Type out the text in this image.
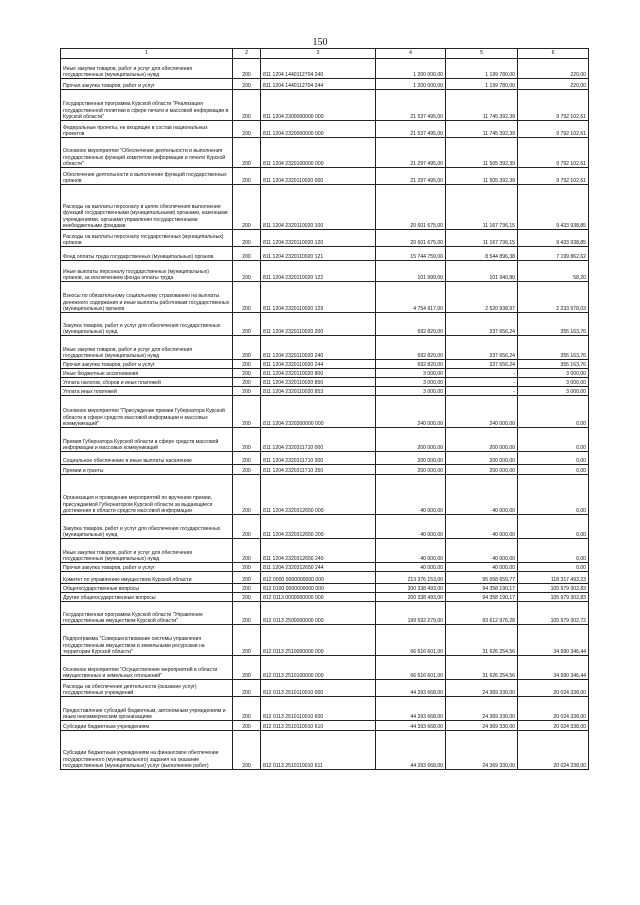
150
1	2	3	4	5	6
Иные закупки товаров, работ и услуг для обеспечения государственных (муниципальных) нужд	200	811 1204 1440112704 240	1 200 000,00	1 199 780,00	220,00
Прочая закупка товаров, работ и услуг	200	811 1204 1440112704 244	1 200 000,00	1 199 780,00	220,00
Государственная программа Курской области "Реализация государственной политики в сфере печати и массовой информации в Курской области"	200	811 1204 2300000000 000	21 537 495,00	11 745 392,39	9 792 102,61
Федеральные проекты, не входящие в состав национальных проектов	200	811 1204 2320000000 000	21 537 495,00	11 745 392,39	9 792 102,61
Основное мероприятие "Обеспечение деятельности и выполнения государственных функций комитетом информации и печати Курской области"	200	811 1204 2320100000 000	21 297 495,00	11 505 392,39	9 792 102,61
Обеспечение деятельности и выполнение функций государственных органов	200	811 1204 2320110020 000	21 297 495,00	11 505 392,39	9 792 102,61
Расходы на выплаты персоналу в целях обеспечения выполнения функций государственными (муниципальными) органами, казенными учреждениями, органами управления государственными внебюджетными фондами	200	811 1204 2320110020 100	20 601 675,00	11 167 736,15	9 433 938,85
Расходы на выплаты персоналу государственных (муниципальных) органов	200	811 1204 2320110020 120	20 601 675,00	11 167 736,15	9 433 938,85
Фонд оплаты труда государственных (муниципальных) органов	200	811 1204 2320110020 121	15 744 759,00	8 544 896,38	7 199 862,62
Иные выплаты персоналу государственных (муниципальных) органов, за исключением фонда оплаты труда	200	811 1204 2320110020 122	101 999,00	101 940,80	58,20
Взносы по обязательному социальному страхованию на выплаты денежного содержания и иные выплаты работникам государственных (муниципальных) органов	200	811 1204 2320110020 129	4 754 917,00	2 520 938,97	2 233 978,03
Закупка товаров, работ и услуг для обеспечения государственных (муниципальных) нужд	200	811 1204 2320110020 200	692 820,00	337 656,24	355 163,76
Иные закупки товаров, работ и услуг для обеспечения государственных (муниципальных) нужд	200	811 1204 2320110020 240	692 820,00	337 656,24	355 163,76
Прочая закупка товаров, работ и услуг	200	811 1204 2320110020 244	692 820,00	337 656,24	355 163,76
Иные бюджетные ассигнования	200	811 1204 2320110020 800	3 000,00	-	3 000,00
Уплата налогов, сборов и иных платежей	200	811 1204 2320110020 850	3 000,00	-	3 000,00
Уплата иных платежей	200	811 1204 2320110020 853	3 000,00	-	3 000,00
Основное мероприятие "Присуждение премии Губернатора Курской области в сфере средств массовой информации и массовых коммуникаций"	200	811 1204 2320300000 000	240 000,00	240 000,00	0,00
Премия Губернатора Курской области в сфере средств массовой информации и массовых коммуникаций	200	811 1204 2320311710 000	200 000,00	200 000,00	0,00
Социальное обеспечение и иные выплаты населению	200	811 1204 2320311710 300	200 000,00	200 000,00	0,00
Премии и гранты	200	811 1204 2320311710 350	200 000,00	200 000,00	0,00
Организация и проведение мероприятий по вручению премии, присуждаемой Губернатором Курской области за выдающиеся достижения в области средств массовой информации	200	811 1204 2320312650 000	40 000,00	40 000,00	0,00
Закупка товаров, работ и услуг для обеспечения государственных (муниципальных) нужд	200	811 1204 2320312650 200	40 000,00	40 000,00	0,00
Иные закупки товаров, работ и услуг для обеспечения государственных (муниципальных) нужд	200	811 1204 2320312650 240	40 000,00	40 000,00	0,00
Прочая закупка товаров, работ и услуг	200	811 1204 2320312650 244	40 000,00	40 000,00	0,00
Комитет по управлению имуществом Курской области	200	812 0000 0000000000 000	213 376 153,00	95 058 659,77	118 317 493,23
Общегосударственные вопросы	200	812 0100 0000000000 000	200 338 493,00	94 358 190,17	105 979 302,83
Другие общегосударственные вопросы	200	812 0113 0000000000 000	200 338 493,00	94 358 190,17	105 979 302,83
Государственная программа Курской области "Управление государственным имуществом Курской области"	200	812 0113 2500000000 000	199 592 279,00	93 612 976,28	105 979 302,72
Подпрограмма "Совершенствование системы управления государственным имуществом и земельными ресурсами на территории Курской области"	200	812 0113 2510000000 000	66 616 601,00	31 626 254,56	34 990 346,44
Основное мероприятие "Осуществление мероприятий в области имущественных и земельных отношений"	200	812 0113 2510100000 000	66 616 601,00	31 626 254,56	34 990 346,44
Расходы на обеспечение деятельности (оказание услуг) государственных учреждений	200	812 0113 2510110010 000	44 393 668,00	24 369 330,00	20 024 338,00
Предоставление субсидий бюджетным, автономным учреждениям и иным некоммерческим организациям	200	812 0113 2510110010 600	44 393 668,00	24 369 330,00	20 024 338,00
Субсидии бюджетным учреждениям	200	812 0113 2510110010 610	44 393 668,00	24 369 330,00	20 024 338,00
Субсидии бюджетным учреждениям на финансовое обеспечение государственного (муниципального) задания на оказание государственных (муниципальных) услуг (выполнение работ)	200	812 0113 2510110010 611	44 393 668,00	24 369 330,00	20 024 338,00
